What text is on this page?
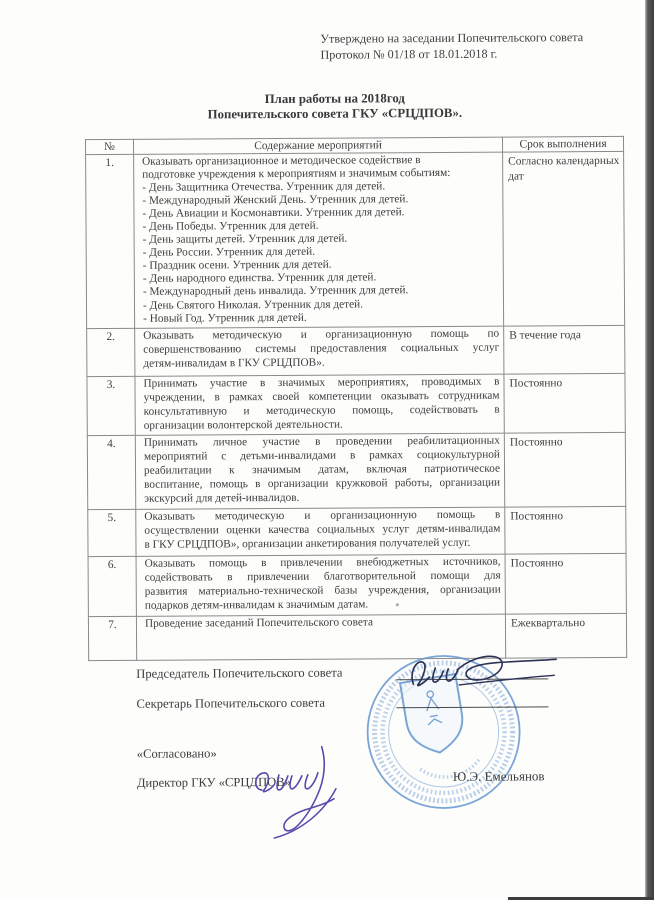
Утверждено на заседании Попечительского совета
Протокол № 01/18 от 18.01.2018 г.
План работы на 2018год
Попечительского совета ГКУ «СРЦДПОВ».
№	Содержание мероприятий	Срок выполнения
1.	Оказывать организационное и методическое содействие в
подготовке учреждения к мероприятиям и значимым событиям:
- День Защитника Отечества. Утренник для детей.
- Международный Женский День. Утренник для детей.
- День Авиации и Космонавтики. Утренник для детей.
- День Победы. Утренник для детей.
- День защиты детей. Утренник для детей.
- День России. Утренник для детей.
- Праздник осени. Утренник для детей.
- День народного единства. Утренник для детей.
- Международный день инвалида. Утренник для детей.
- День Святого Николая. Утренник для детей.
- Новый Год. Утренник для детей.
	Согласно календарных дат
2.	Оказывать методическую и организационную помощь по
совершенствованию системы предоставления социальных услуг
детям-инвалидам в ГКУ СРЦДПОВ».	В течение года
3.	Принимать участие в значимых мероприятиях, проводимых в
учреждении, в рамках своей компетенции оказывать сотрудникам
консультативную и методическую помощь, содействовать в
организации волонтерской деятельности.	Постоянно
4.	Принимать личное участие в проведении реабилитационных
мероприятий с детьми-инвалидами в рамках социокультурной
реабилитации к значимым датам, включая патриотическое
воспитание, помощь в организации кружковой работы, организации
экскурсий для детей-инвалидов.	Постоянно
5.	Оказывать методическую и организационную помощь в
осуществлении оценки качества социальных услуг детям-инвалидам
в ГКУ СРЦДПОВ», организации анкетирования получателей услуг.	Постоянно
6.	Оказывать помощь в привлечении внебюджетных источников,
содействовать в привлечении благотворительной помощи для
развития материально-технической базы учреждения, организации
подарков детям-инвалидам к значимым датам.	Постоянно
7.	Проведение заседаний Попечительского совета	Ежеквартально
Председатель Попечительского совета
Секретарь Попечительского совета
«Согласовано»
Директор ГКУ «СРЦДПОВ»	Ю.Э. Емельянов
